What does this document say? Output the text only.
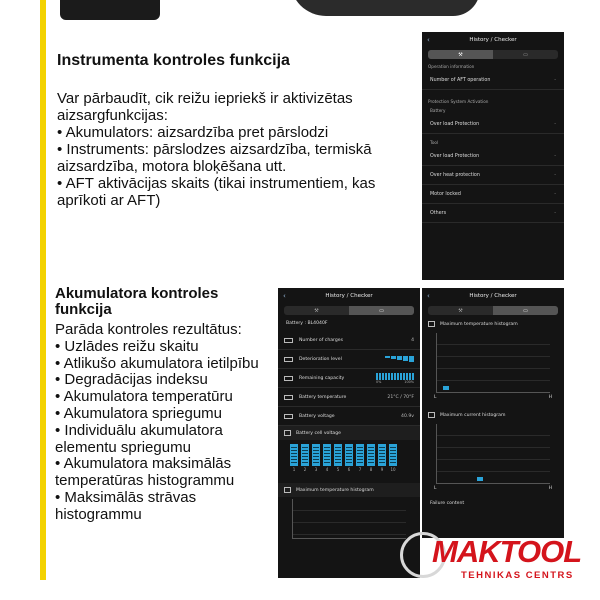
Instrumenta kontroles funkcija
Var pārbaudīt, cik reižu iepriekš ir aktivizētas
aizsargfunkcijas:
• Akumulators: aizsardzība pret pārslodzi
• Instruments: pārslodzes aizsardzība, termiskā aizsardzība, motora bloķēšana utt.
• AFT aktivācijas skaits (tikai instrumentiem, kas aprīkoti ar AFT)
‹	History / Checker
⚒	▭
Operation information
Number of AFT operation	-
Protection System Activation
Battery
Over load Protection	-
Tool
Over load Protection	-
Over heat protection	-
Motor locked	-
Others	-
Akumulatora kontroles funkcija
Parāda kontroles rezultātus:
• Uzlādes reižu skaitu
• Atlikušo akumulatora ietilpību
• Degradācijas indeksu
• Akumulatora temperatūru
• Akumulatora spriegumu
• Individuālu akumulatora elementu spriegumu
• Akumulatora maksimālās temperatūras histogrammu
• Maksimālās strāvas histogrammu
‹	History / Checker
⚒	▭
Battery : BL4040F
Number of charges	4
Deterioration level
Remaining capacity
0%	100%
Battery temperature	21°C / 70°F
Battery voltage	40.9v
Battery cell voltage
1	2	3	4	5	6	7	8	9	10
Maximum temperature histogram
‹	History / Checker
⚒	▭
Maximum temperature histogram
L	H
Maximum current histogram
L	H
Failure content
MAKTOOL
TEHNIKAS CENTRS
